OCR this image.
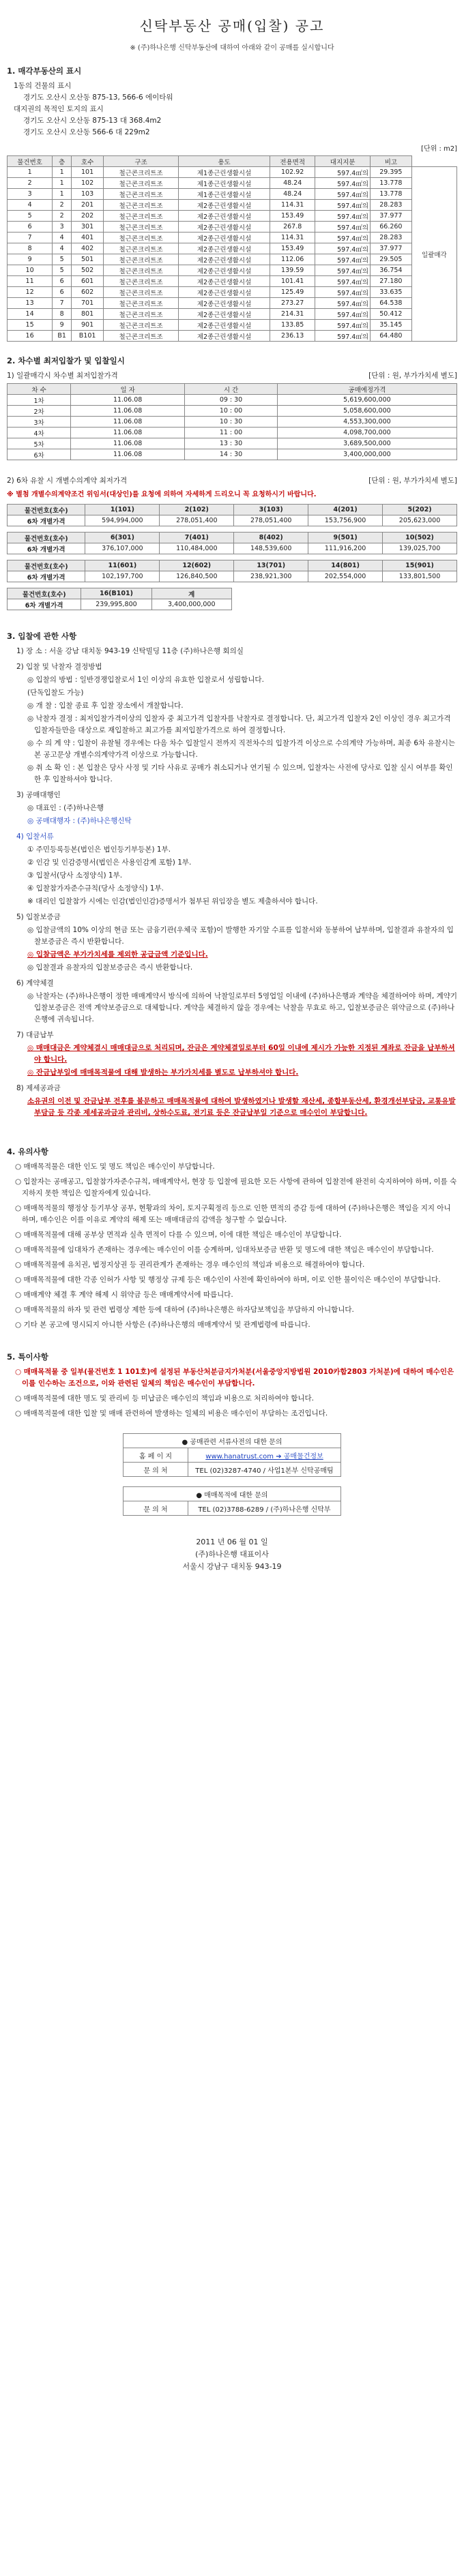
신탁부동산 공매(입찰) 공고
※ (주)하나은행 신탁부동산에 대하여 아래와 같이 공매를 실시합니다
1. 매각부동산의 표시
1동의 건물의 표시
경기도 오산시 오산동 875-13, 566-6 에이타워
대지권의 목적인 토지의 표시
경기도 오산시 오산동 875-13 대 368.4m2
경기도 오산시 오산동 566-6 대 229m2
[단위 : m2]
물건번호	층	호수	구조	용도	전용면적	대지지분	비고	
1	1	101	철근콘크리트조	제1종근린생활시설	102.92	597.4㎡의	29.395	일괄매각
2	1	102	철근콘크리트조	제1종근린생활시설	48.24	597.4㎡의	13.778	
3	1	103	철근콘크리트조	제1종근린생활시설	48.24	597.4㎡의	13.778	
4	2	201	철근콘크리트조	제2종근린생활시설	114.31	597.4㎡의	28.283	
5	2	202	철근콘크리트조	제2종근린생활시설	153.49	597.4㎡의	37.977	
6	3	301	철근콘크리트조	제2종근린생활시설	267.8	597.4㎡의	66.260	
7	4	401	철근콘크리트조	제2종근린생활시설	114.31	597.4㎡의	28.283	
8	4	402	철근콘크리트조	제2종근린생활시설	153.49	597.4㎡의	37.977	
9	5	501	철근콘크리트조	제2종근린생활시설	112.06	597.4㎡의	29.505	
10	5	502	철근콘크리트조	제2종근린생활시설	139.59	597.4㎡의	36.754	
11	6	601	철근콘크리트조	제2종근린생활시설	101.41	597.4㎡의	27.180	
12	6	602	철근콘크리트조	제2종근린생활시설	125.49	597.4㎡의	33.635	
13	7	701	철근콘크리트조	제2종근린생활시설	273.27	597.4㎡의	64.538	
14	8	801	철근콘크리트조	제2종근린생활시설	214.31	597.4㎡의	50.412	
15	9	901	철근콘크리트조	제2종근린생활시설	133.85	597.4㎡의	35.145	
16	B1	B101	철근콘크리트조	제2종근린생활시설	236.13	597.4㎡의	64.480	
2. 차수별 최저입찰가 및 입찰일시
1) 일괄매각시 차수별 최저입찰가격	[단위 : 원, 부가가치세 별도]
차 수	일 자	시 간	공매예정가격
1차	11.06.08	09 : 30	5,619,600,000
2차	11.06.08	10 : 00	5,058,600,000
3차	11.06.08	10 : 30	4,553,300,000
4차	11.06.08	11 : 00	4,098,700,000
5차	11.06.08	13 : 30	3,689,500,000
6차	11.06.08	14 : 30	3,400,000,000
2) 6차 유찰 시 개별수의계약 최저가격	[단위 : 원, 부가가치세 별도]
※ 별첨 개별수의계약조건 위임서(대상인)를 요청에 의하여 자세하게 드리오니 꼭 요청하시기 바랍니다.
물건번호(호수)	1(101)	2(102)	3(103)	4(201)	5(202)
6차 개별가격	594,994,000	278,051,400	278,051,400	153,756,900	205,623,000
물건번호(호수)	6(301)	7(401)	8(402)	9(501)	10(502)
6차 개별가격	376,107,000	110,484,000	148,539,600	111,916,200	139,025,700
물건번호(호수)	11(601)	12(602)	13(701)	14(801)	15(901)
6차 개별가격	102,197,700	126,840,500	238,921,300	202,554,000	133,801,500
물건번호(호수)	16(B101)	계
6차 개별가격	239,995,800	3,400,000,000
3. 입찰에 관한 사항
1) 장 소 : 서울 강남 대치동 943-19 신탁빌딩 11층 (주)하나은행 회의실
2) 입찰 및 낙찰자 결정방법
◎ 입찰의 방법 : 일반경쟁입찰로서 1인 이상의 유효한 입찰로서 성립합니다.
(단독입찰도 가능)
◎ 개 찰 : 입찰 종료 후 입찰 장소에서 개찰합니다.
◎ 낙찰자 결정 : 최저입찰가격이상의 입찰자 중 최고가격 입찰자를 낙찰자로 결정합니다. 단, 최고가격 입찰자 2인 이상인 경우 최고가격 입찰자들만을 대상으로 재입찰하고 최고가를 최저입찰가격으로 하여 결정합니다.
◎ 수 의 계 약 : 입찰이 유찰될 경우에는 다음 차수 입찰일시 전까지 직전차수의 입찰가격 이상으로 수의계약 가능하며, 최종 6차 유찰시는 본 공고문상 개별수의계약가격 이상으로 가능합니다.
◎ 취 소 확 인 : 본 입찰은 당사 사정 및 기타 사유로 공매가 취소되거나 연기될 수 있으며, 입찰자는 사전에 당사로 입찰 실시 여부를 확인한 후 입찰하셔야 합니다.
3) 공매대행인
◎ 대표인 : (주)하나은행
◎ 공매대행자 : (주)하나은행신탁
4) 입찰서류
① 주민등록등본(법인은 법인등기부등본) 1부.
② 인감 및 인감증명서(법인은 사용인감계 포함) 1부.
③ 입찰서(당사 소정양식) 1부.
④ 입찰참가자준수규칙(당사 소정양식) 1부.
※ 대리인 입찰참가 시에는 인감(법인인감)증명서가 첨부된 위임장을 별도 제출하셔야 합니다.
5) 입찰보증금
◎ 입찰금액의 10% 이상의 현금 또는 금융기관(우체국 포함)이 발행한 자기앞 수표를 입찰서와 동봉하여 납부하며, 입찰결과 유찰자의 입찰보증금은 즉시 반환합니다.
◎ 입찰금액은 부가가치세를 제외한 공급금액 기준입니다.
◎ 입찰결과 유찰자의 입찰보증금은 즉시 반환합니다.
6) 계약체결
◎ 낙찰자는 (주)하나은행이 정한 매매계약서 방식에 의하여 낙찰일로부터 5영업일 이내에 (주)하나은행과 계약을 체결하여야 하며, 계약기 입찰보증금은 전액 계약보증금으로 대체합니다. 계약을 체결하지 않을 경우에는 낙찰을 무효로 하고, 입찰보증금은 위약금으로 (주)하나은행에 귀속됩니다.
7) 대금납부
◎ 매매대금은 계약체결시 매매대금으로 처리되며, 잔금은 계약체결일로부터 60일 이내에 제시가 가능한 지정된 계좌로 잔금을 납부하셔야 합니다.
◎ 잔금납부일에 매매목적물에 대해 발생하는 부가가치세를 별도로 납부하셔야 합니다.
8) 제세공과금
소유권의 이전 및 잔금납부 전후를 불문하고 매매목적물에 대하여 발생하였거나 발생할 재산세, 종합부동산세, 환경개선부담금, 교통유발부담금 등 각종 제세공과금과 관리비, 상하수도료, 전기료 등은 잔금납부일 기준으로 매수인이 부담합니다.
4. 유의사항
○ 매매목적물은 대한 인도 및 명도 책임은 매수인이 부담합니다.
○ 입찰자는 공매공고, 입찰참가자준수규칙, 매매계약서, 현장 등 입찰에 필요한 모든 사항에 관하여 입찰전에 완전히 숙지하여야 하며, 이를 숙지하지 못한 책임은 입찰자에게 있습니다.
○ 매매목적물의 행정상 등기부상 공부, 현황과의 차이, 토지구획정리 등으로 인한 면적의 증감 등에 대하여 (주)하나은행은 책임을 지지 아니하며, 매수인은 이를 이유로 계약의 해제 또는 매매대금의 감액을 청구할 수 없습니다.
○ 매매목적물에 대해 공부상 면적과 실측 면적이 다를 수 있으며, 이에 대한 책임은 매수인이 부담합니다.
○ 매매목적물에 임대차가 존재하는 경우에는 매수인이 이를 승계하며, 임대차보증금 반환 및 명도에 대한 책임은 매수인이 부담합니다.
○ 매매목적물에 유치권, 법정지상권 등 권리관계가 존재하는 경우 매수인의 책임과 비용으로 해결하여야 합니다.
○ 매매목적물에 대한 각종 인허가 사항 및 행정상 규제 등은 매수인이 사전에 확인하여야 하며, 이로 인한 불이익은 매수인이 부담합니다.
○ 매매계약 체결 후 계약 해제 시 위약금 등은 매매계약서에 따릅니다.
○ 매매목적물의 하자 및 관련 법령상 제한 등에 대하여 (주)하나은행은 하자담보책임을 부담하지 아니합니다.
○ 기타 본 공고에 명시되지 아니한 사항은 (주)하나은행의 매매계약서 및 관계법령에 따릅니다.
5. 특이사항
○ 매매목적물 중 일부(물건번호 1 101호)에 설정된 부동산처분금지가처분(서울중앙지방법원 2010카합2803 가처분)에 대하여 매수인은 이를 인수하는 조건으로, 이와 관련된 일체의 책임은 매수인이 부담합니다.
○ 매매목적물에 대한 명도 및 관리비 등 미납금은 매수인의 책임과 비용으로 처리하여야 합니다.
○ 매매목적물에 대한 입찰 및 매매 관련하여 발생하는 일체의 비용은 매수인이 부담하는 조건입니다.
● 공매관련 서류사전의 대한 문의	
홈 페 이 지	www.hanatrust.com ➔ 공매물건정보
문 의 처	TEL (02)3287-4740 / 사업1본부 신탁공매팀
● 매매목적에 대한 문의
문 의 처	TEL (02)3788-6289 / (주)하나은행 신탁부
2011 년 06 월 01 일
(주)하나은행 대표이사
서울시 강남구 대치동 943-19
